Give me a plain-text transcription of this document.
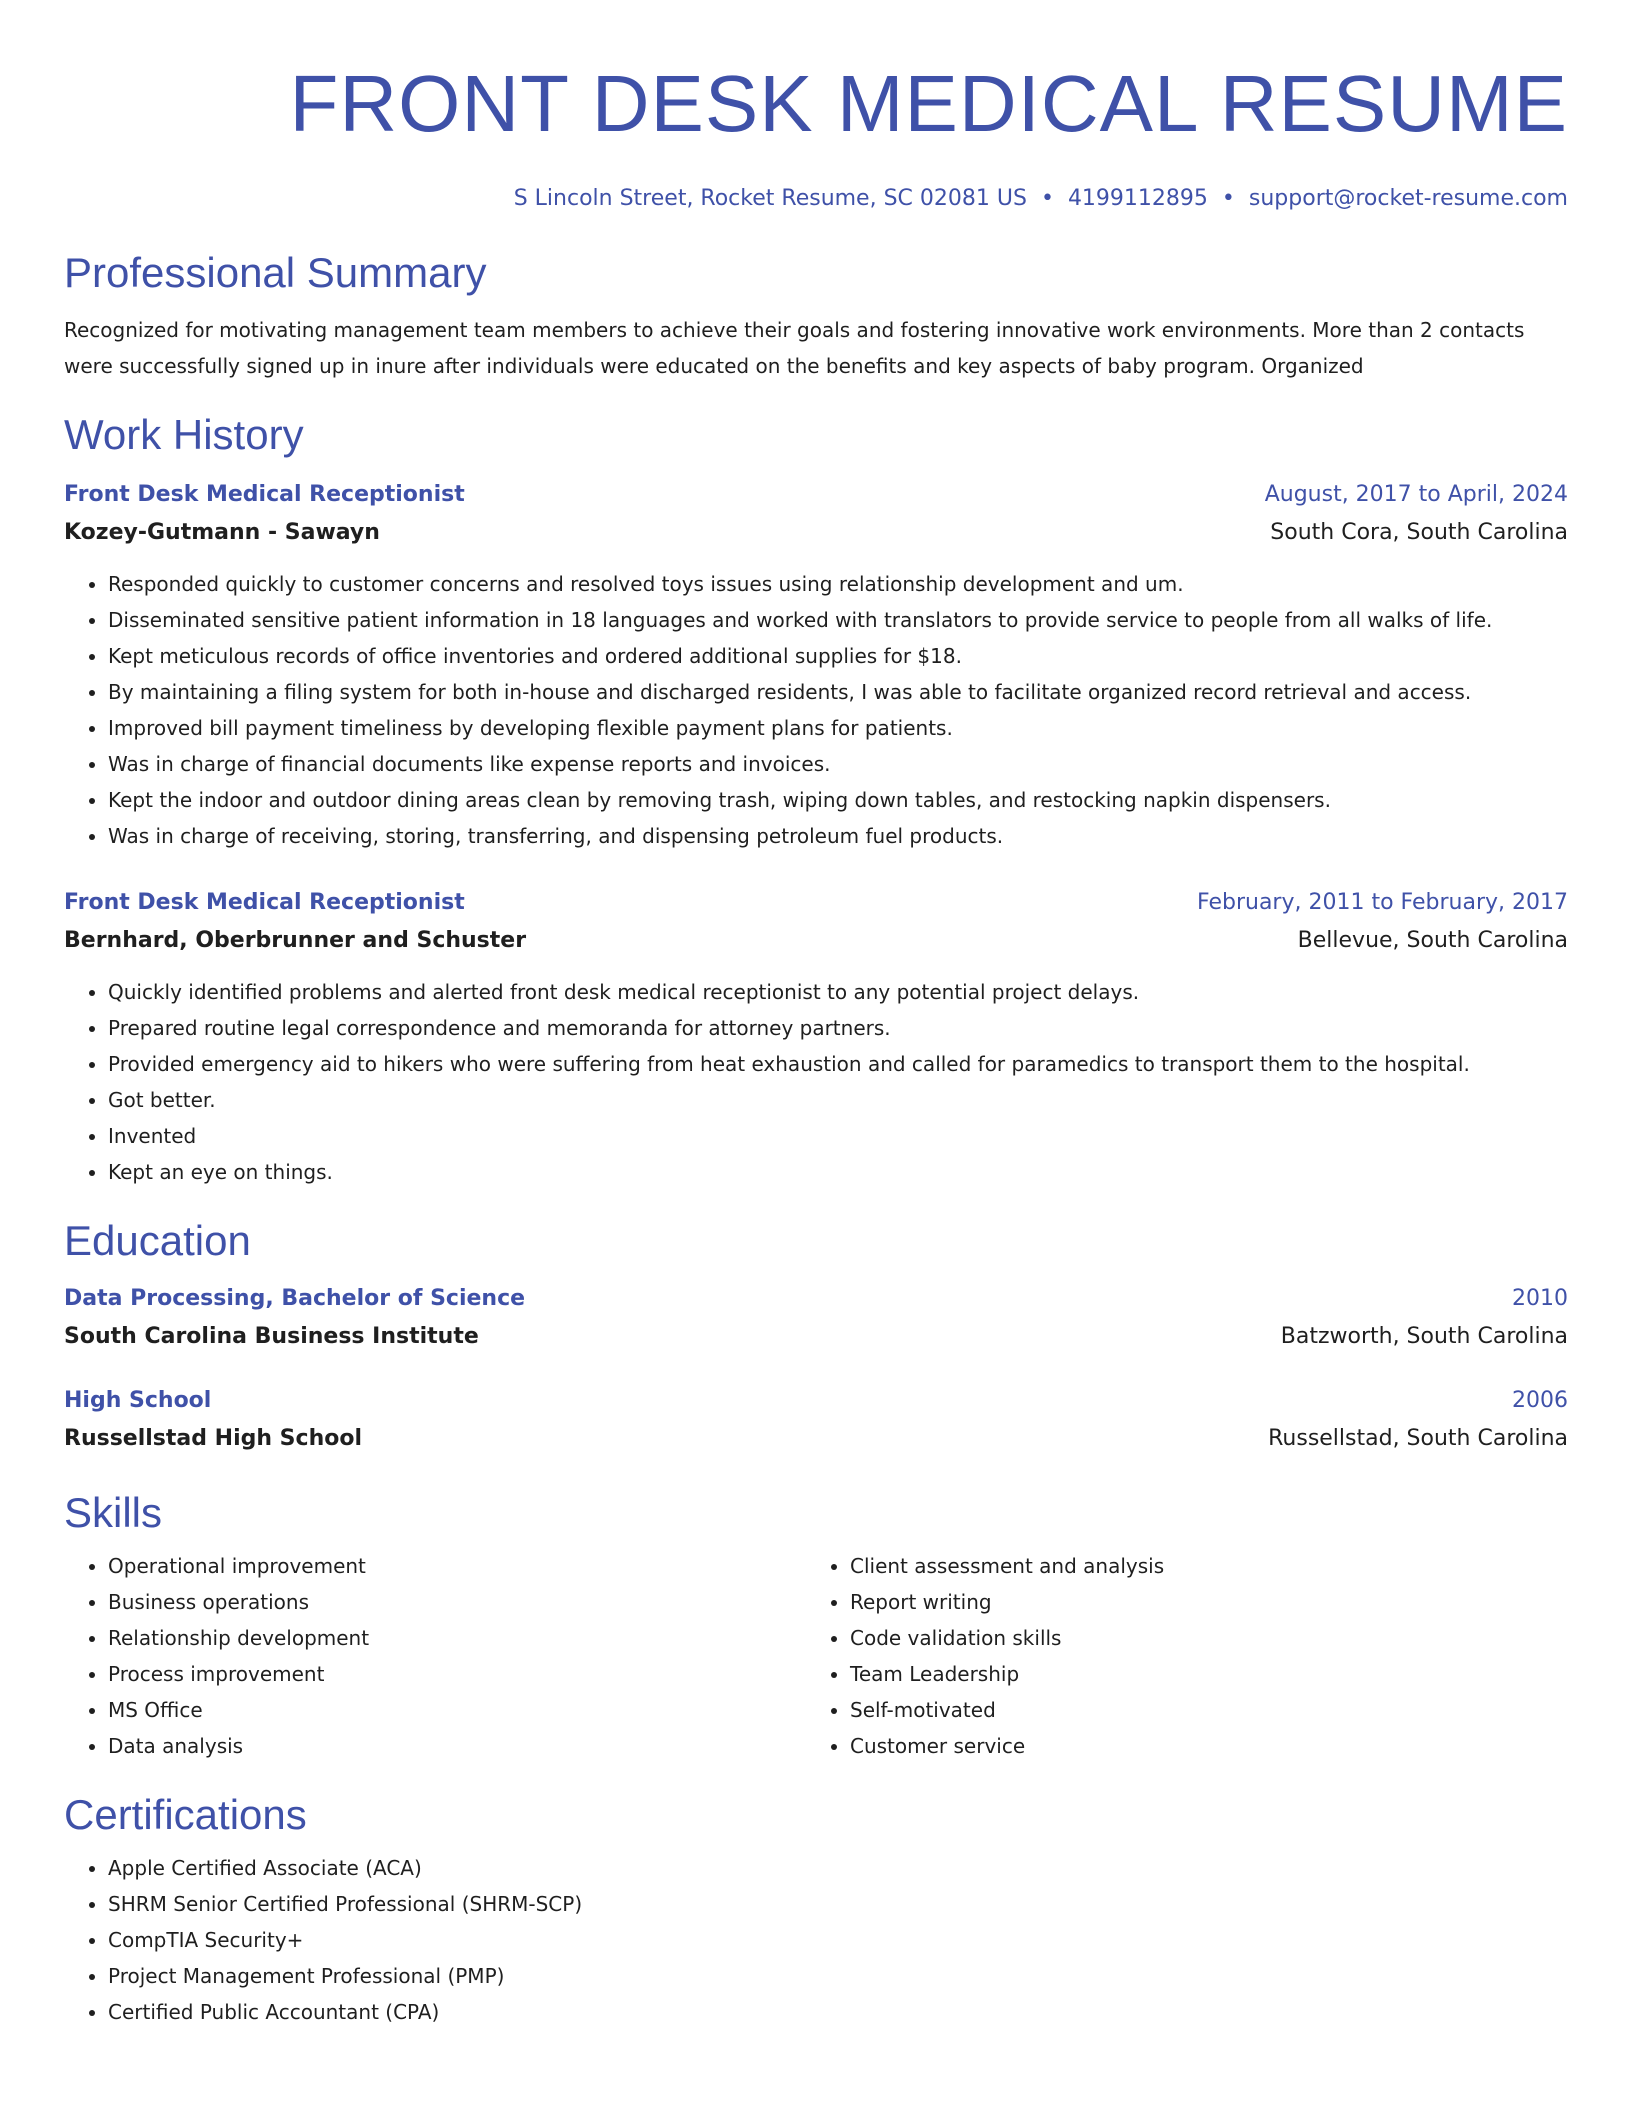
FRONT DESK MEDICAL RESUME
S Lincoln Street, Rocket Resume, SC 02081 US • 4199112895 • support@rocket-resume.com
Professional Summary

Recognized for motivating management team members to achieve their goals and fostering innovative work environments. More than 2 contacts were successfully signed up in inure after individuals were educated on the benefits and key aspects of baby program. Organized

Work History
Front Desk Medical Receptionist	August, 2017 to April, 2024
Kozey-Gutmann - Sawayn	South Cora, South Carolina
• Responded quickly to customer concerns and resolved toys issues using relationship development and um.
• Disseminated sensitive patient information in 18 languages and worked with translators to provide service to people from all walks of life.
• Kept meticulous records of office inventories and ordered additional supplies for $18.
• By maintaining a filing system for both in-house and discharged residents, I was able to facilitate organized record retrieval and access.
• Improved bill payment timeliness by developing flexible payment plans for patients.
• Was in charge of financial documents like expense reports and invoices.
• Kept the indoor and outdoor dining areas clean by removing trash, wiping down tables, and restocking napkin dispensers.
• Was in charge of receiving, storing, transferring, and dispensing petroleum fuel products.
Front Desk Medical Receptionist	February, 2011 to February, 2017
Bernhard, Oberbrunner and Schuster	Bellevue, South Carolina
• Quickly identified problems and alerted front desk medical receptionist to any potential project delays.
• Prepared routine legal correspondence and memoranda for attorney partners.
• Provided emergency aid to hikers who were suffering from heat exhaustion and called for paramedics to transport them to the hospital.
• Got better.
• Invented
• Kept an eye on things.
Education
Data Processing, Bachelor of Science	2010
South Carolina Business Institute	Batzworth, South Carolina
High School	2006
Russellstad High School	Russellstad, South Carolina
Skills
• Operational improvement
• Business operations
• Relationship development
• Process improvement
• MS Office
• Data analysis
• Client assessment and analysis
• Report writing
• Code validation skills
• Team Leadership
• Self-motivated
• Customer service
Certifications
• Apple Certified Associate (ACA)
• SHRM Senior Certified Professional (SHRM-SCP)
• CompTIA Security+
• Project Management Professional (PMP)
• Certified Public Accountant (CPA)
